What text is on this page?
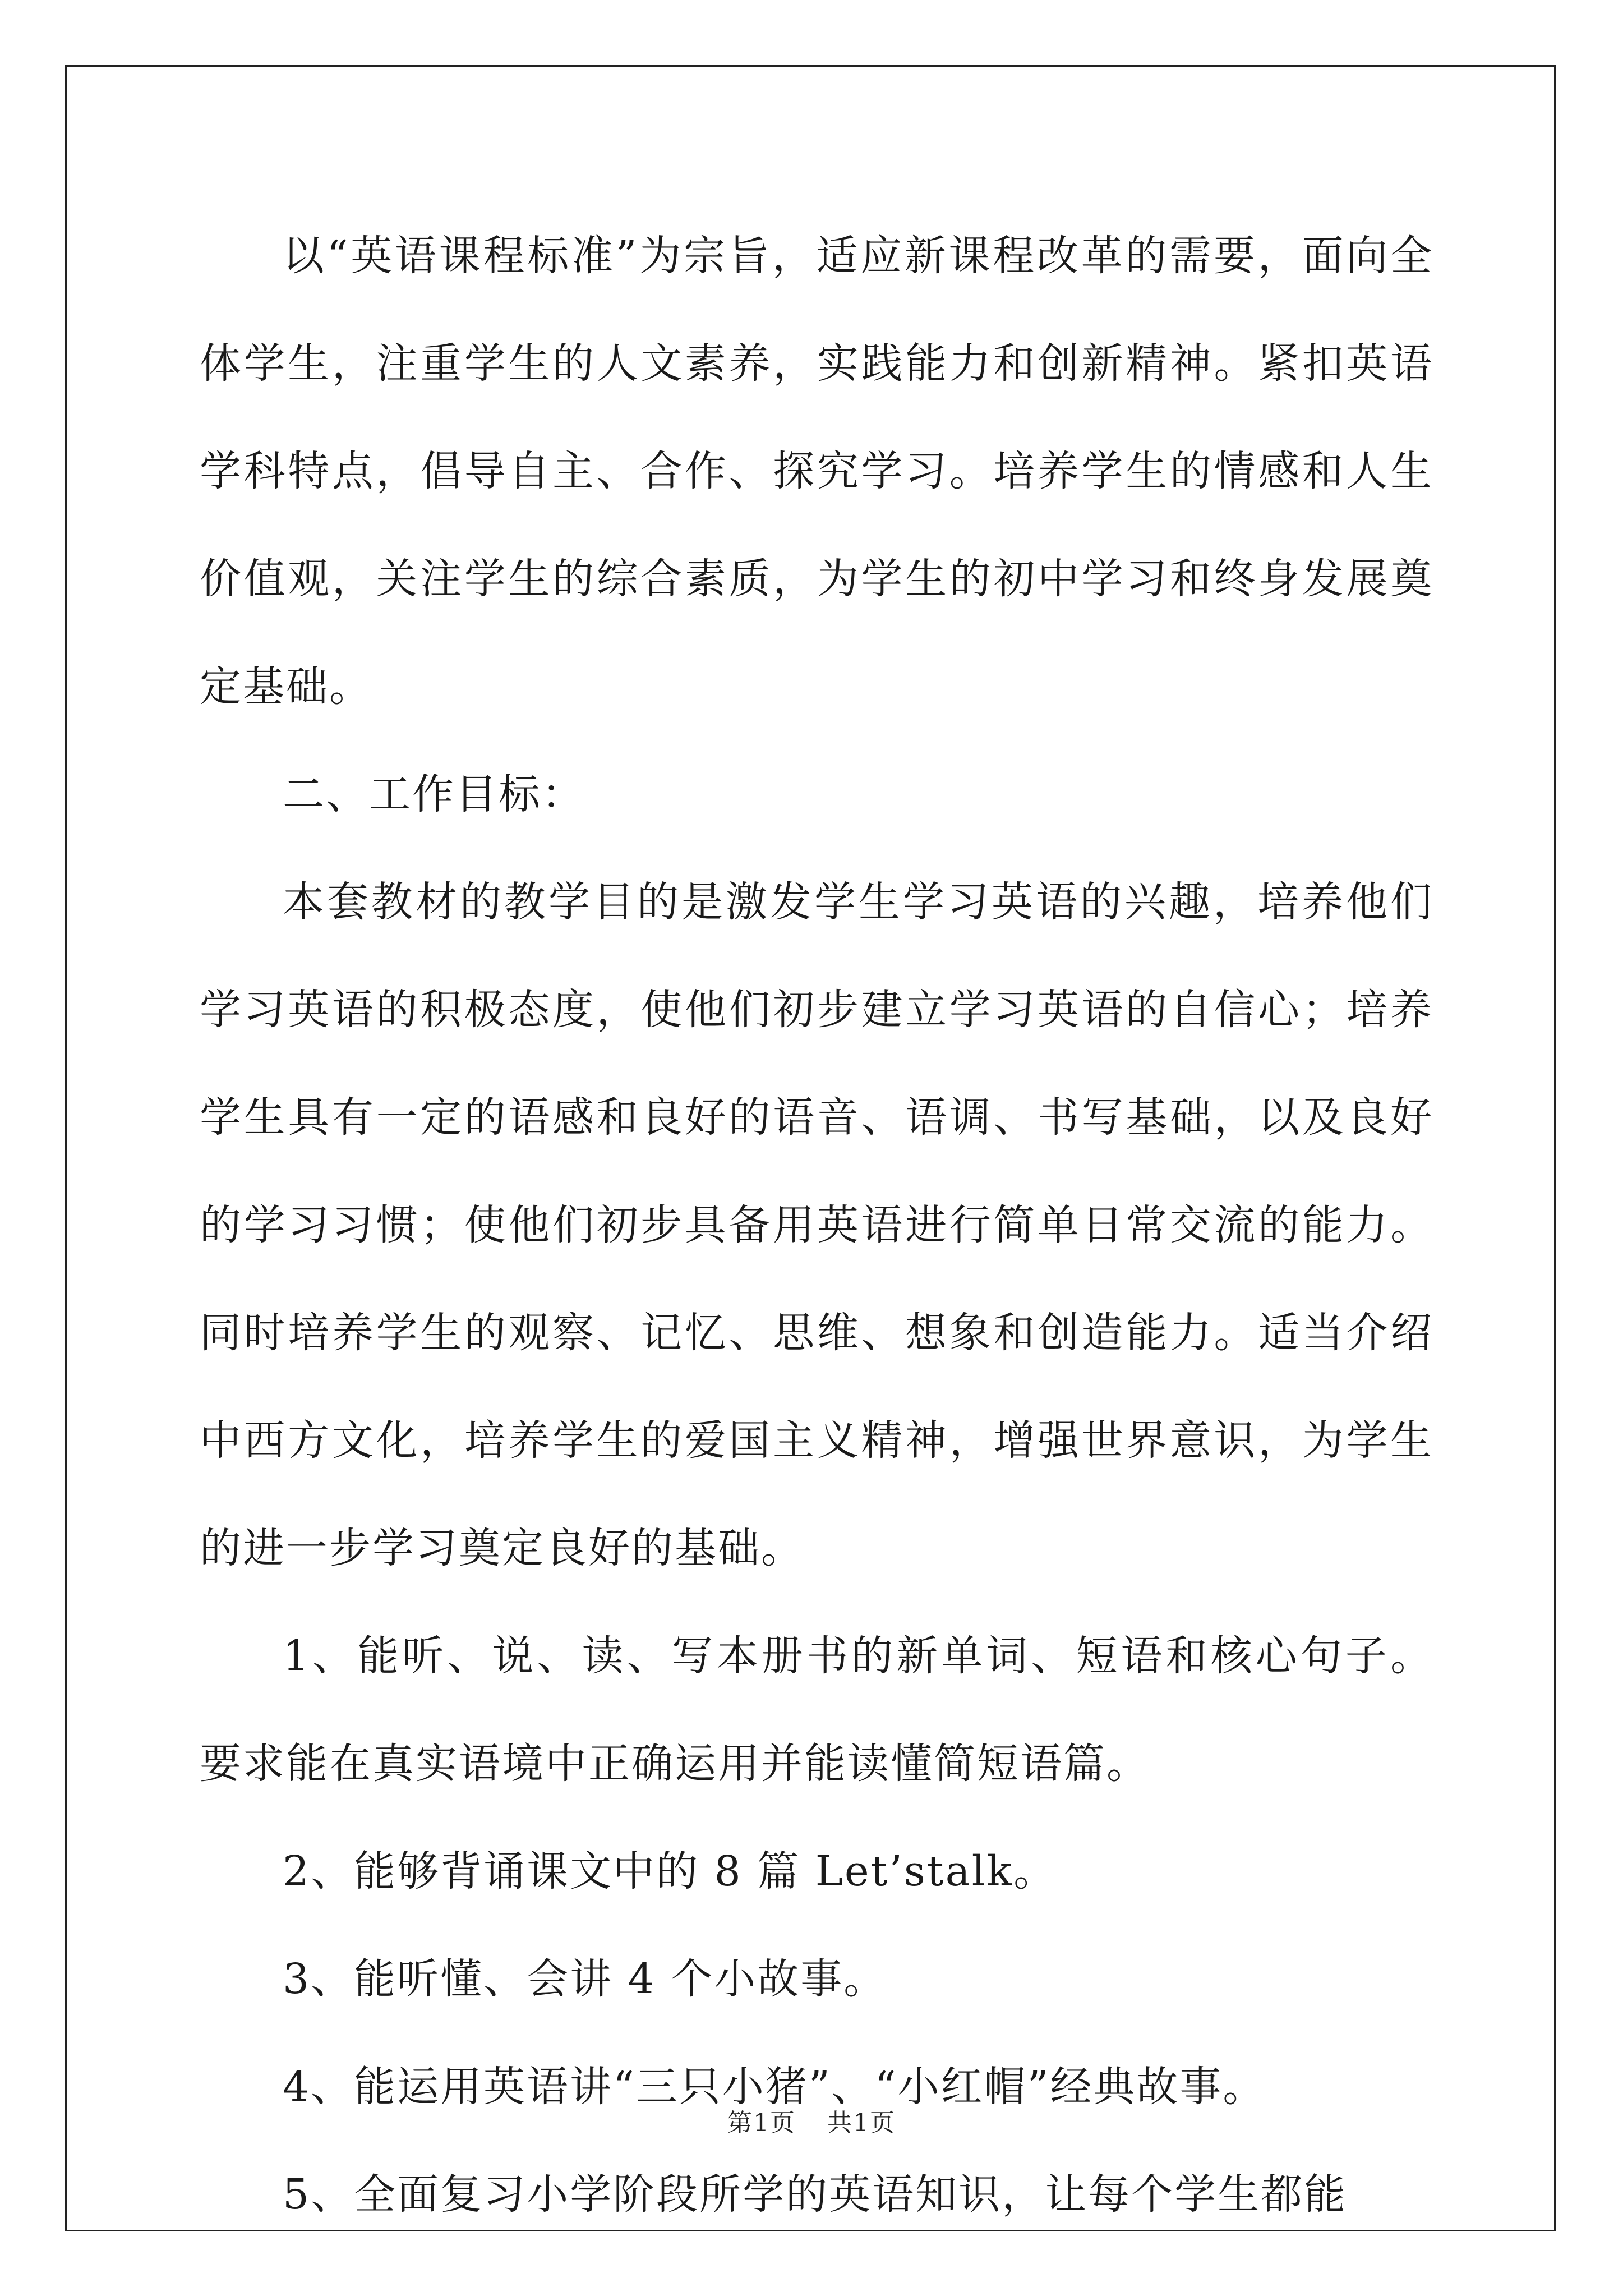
以“英语课程标准”为宗旨，适应新课程改革的需要，面向全体学生，注重学生的人文素养，实践能力和创新精神。紧扣英语学科特点，倡导自主、合作、探究学习。培养学生的情感和人生价值观，关注学生的综合素质，为学生的初中学习和终身发展奠定基础。

二、工作目标：

本套教材的教学目的是激发学生学习英语的兴趣，培养他们学习英语的积极态度，使他们初步建立学习英语的自信心；培养学生具有一定的语感和良好的语音、语调、书写基础，以及良好的学习习惯；使他们初步具备用英语进行简单日常交流的能力。同时培养学生的观察、记忆、思维、想象和创造能力。适当介绍中西方文化，培养学生的爱国主义精神，增强世界意识，为学生的进一步学习奠定良好的基础。

1、能听、说、读、写本册书的新单词、短语和核心句子。要求能在真实语境中正确运用并能读懂简短语篇。

2、能够背诵课文中的 8 篇 Let’stalk。

3、能听懂、会讲 4 个小故事。

4、能运用英语讲“三只小猪”、“小红帽”经典故事。

5、全面复习小学阶段所学的英语知识，让每个学生都能

第1页 共1页
